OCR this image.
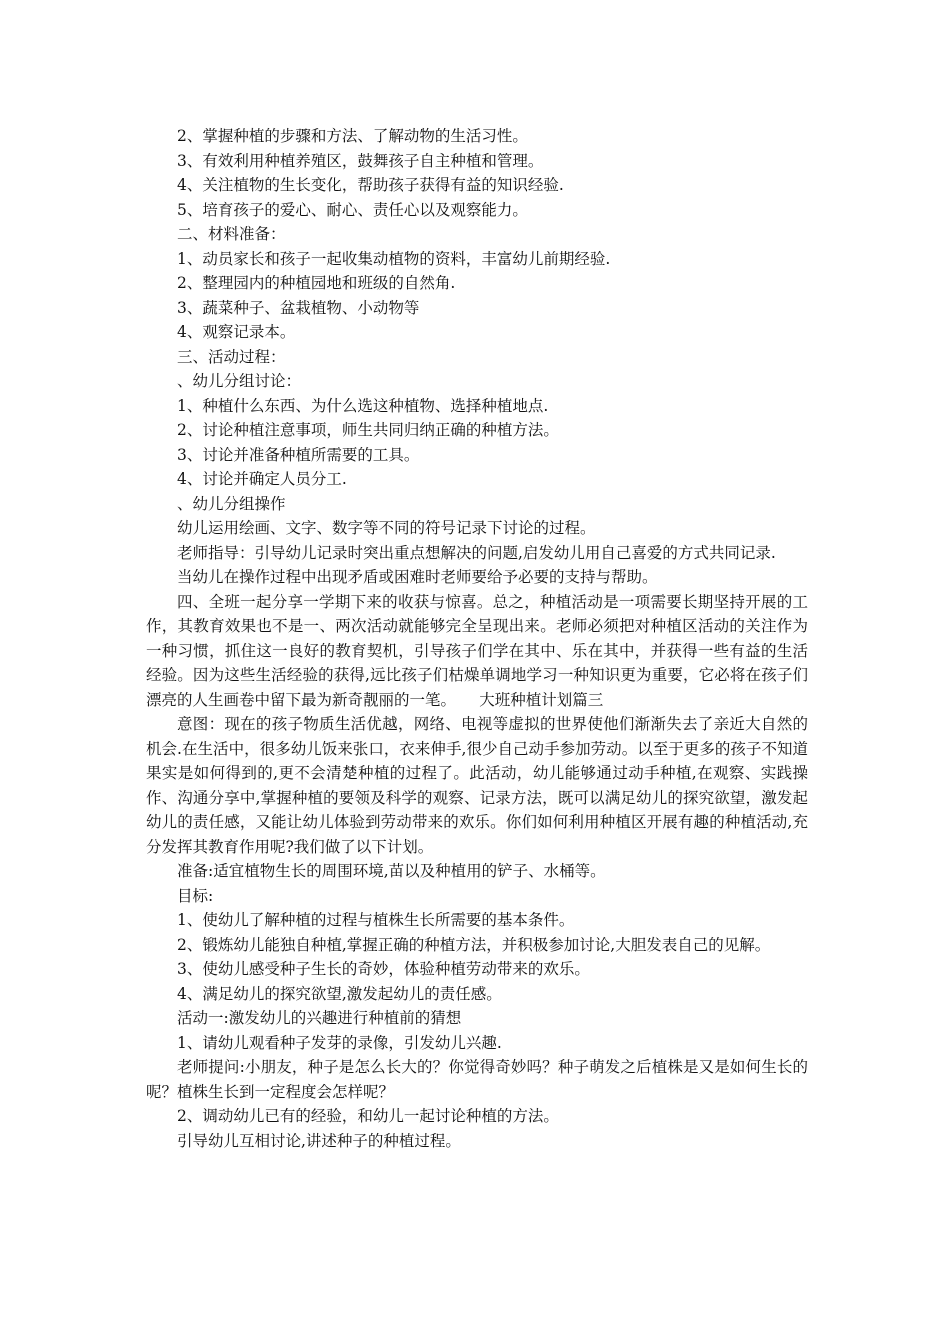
2、掌握种植的步骤和方法、了解动物的生活习性。

3、有效利用种植养殖区，鼓舞孩子自主种植和管理。

4、关注植物的生长变化，帮助孩子获得有益的知识经验.

5、培育孩子的爱心、耐心、责任心以及观察能力。

二、材料准备：

1、动员家长和孩子一起收集动植物的资料，丰富幼儿前期经验.

2、整理园内的种植园地和班级的自然角.

3、蔬菜种子、盆栽植物、小动物等

4、观察记录本。

三、活动过程：

、幼儿分组讨论：

1、种植什么东西、为什么选这种植物、选择种植地点.

2、讨论种植注意事项，师生共同归纳正确的种植方法。

3、讨论并准备种植所需要的工具。

4、讨论并确定人员分工.

、幼儿分组操作

幼儿运用绘画、文字、数字等不同的符号记录下讨论的过程。

老师指导：引导幼儿记录时突出重点想解决的问题,启发幼儿用自己喜爱的方式共同记录.

当幼儿在操作过程中出现矛盾或困难时老师要给予必要的支持与帮助。

四、全班一起分享一学期下来的收获与惊喜。总之，种植活动是一项需要长期坚持开展的工作，其教育效果也不是一、两次活动就能够完全呈现出来。老师必须把对种植区活动的关注作为一种习惯，抓住这一良好的教育契机，引导孩子们学在其中、乐在其中，并获得一些有益的生活经验。因为这些生活经验的获得,远比孩子们枯燥单调地学习一种知识更为重要，它必将在孩子们漂亮的人生画卷中留下最为新奇靓丽的一笔。　　大班种植计划篇三

意图：现在的孩子物质生活优越，网络、电视等虚拟的世界使他们渐渐失去了亲近大自然的机会.在生活中，很多幼儿饭来张口，衣来伸手,很少自己动手参加劳动。以至于更多的孩子不知道果实是如何得到的,更不会清楚种植的过程了。此活动，幼儿能够通过动手种植,在观察、实践操作、沟通分享中,掌握种植的要领及科学的观察、记录方法，既可以满足幼儿的探究欲望，激发起幼儿的责任感，又能让幼儿体验到劳动带来的欢乐。你们如何利用种植区开展有趣的种植活动,充分发挥其教育作用呢?我们做了以下计划。

准备:适宜植物生长的周围环境,苗以及种植用的铲子、水桶等。

目标:

1、使幼儿了解种植的过程与植株生长所需要的基本条件。

2、锻炼幼儿能独自种植,掌握正确的种植方法，并积极参加讨论,大胆发表自己的见解。

3、使幼儿感受种子生长的奇妙，体验种植劳动带来的欢乐。

4、满足幼儿的探究欲望,激发起幼儿的责任感。

活动一:激发幼儿的兴趣进行种植前的猜想

1、请幼儿观看种子发芽的录像，引发幼儿兴趣.

老师提问:小朋友，种子是怎么长大的？你觉得奇妙吗？种子萌发之后植株是又是如何生长的呢？植株生长到一定程度会怎样呢？

2、调动幼儿已有的经验，和幼儿一起讨论种植的方法。

引导幼儿互相讨论,讲述种子的种植过程。
